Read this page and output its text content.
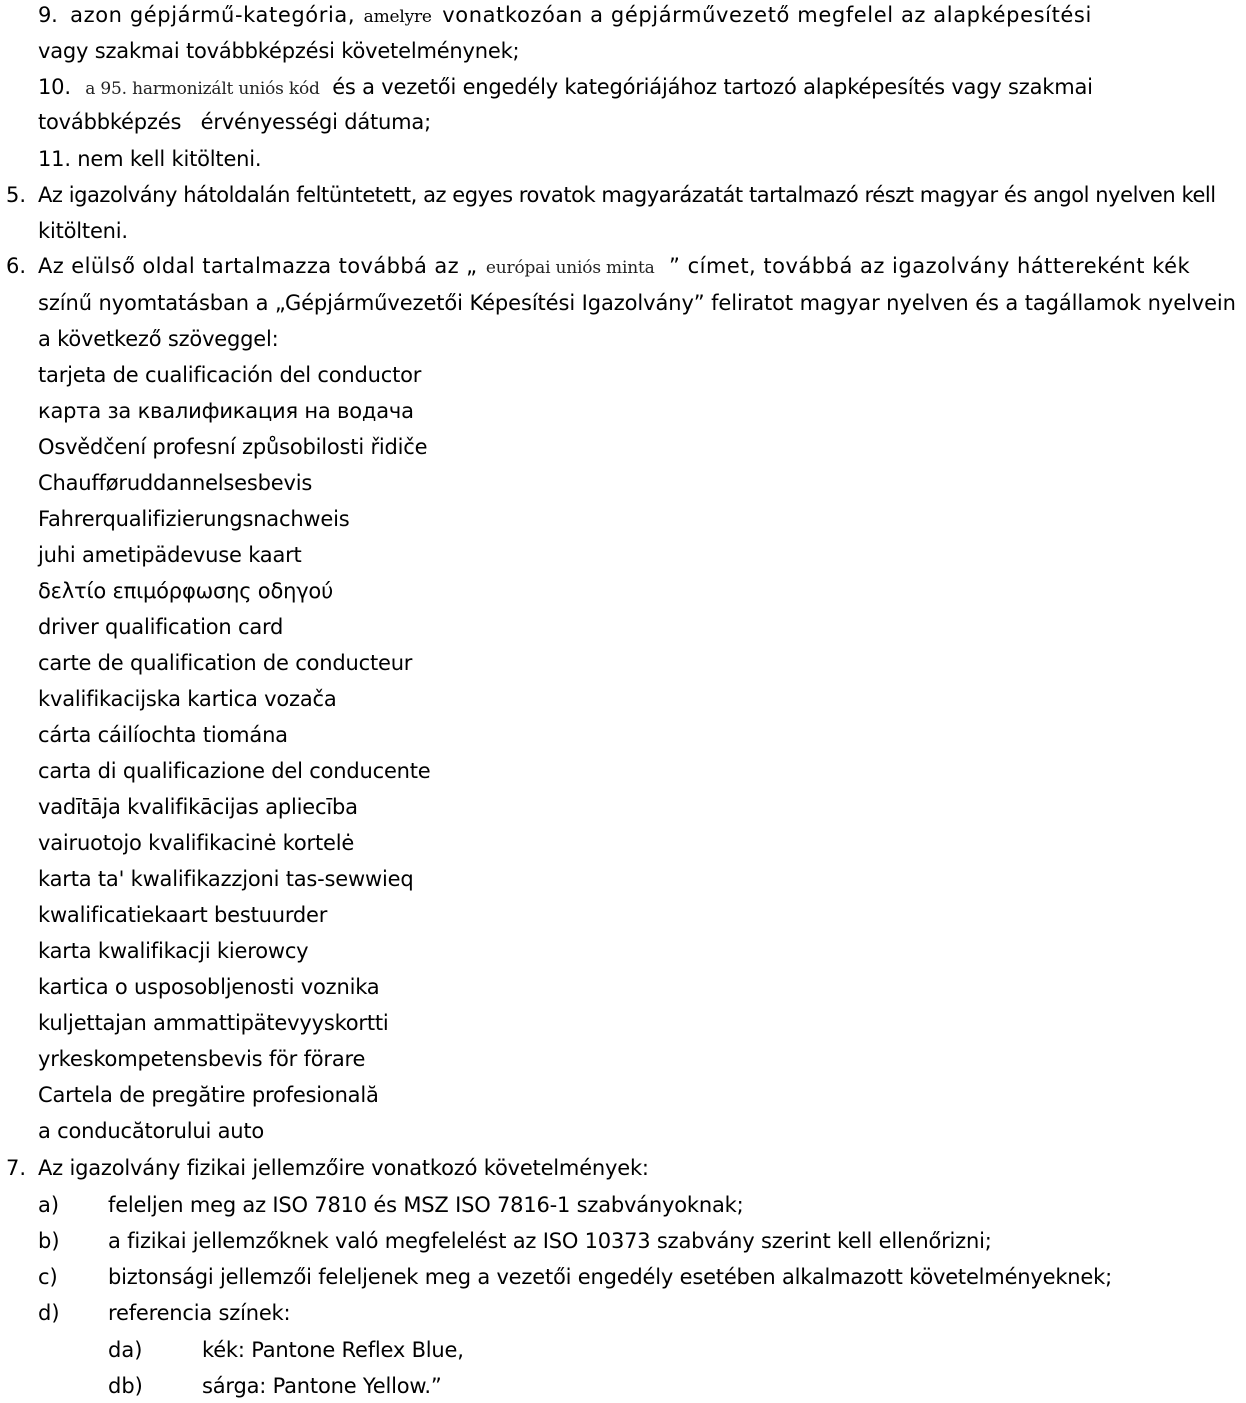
9. azon gépjármű-kategória, amelyre vonatkozóan a gépjárművezető megfelel az alapképesítési
vagy szakmai továbbképzési követelménynek;
10. a 95. harmonizált uniós kód és a vezetői engedély kategóriájához tartozó alapképesítés vagy szakmai
továbbképzés   érvényességi dátuma;
11. nem kell kitölteni.
5. Az igazolvány hátoldalán feltüntetett, az egyes rovatok magyarázatát tartalmazó részt magyar és angol nyelven kell
kitölteni.
6. Az elülső oldal tartalmazza továbbá az „ európai uniós minta ” címet, továbbá az igazolvány háttereként kék
színű nyomtatásban a „Gépjárművezetői Képesítési Igazolvány” feliratot magyar nyelven és a tagállamok nyelvein
a következő szöveggel:
tarjeta de cualificación del conductor
карта за квалификация на водача
Osvědčení profesní způsobilosti řidiče
Chaufføruddannelsesbevis
Fahrerqualifizierungsnachweis
juhi ametipädevuse kaart
δελτίο επιμόρφωσης οδηγού
driver qualification card
carte de qualification de conducteur
kvalifikacijska kartica vozača
cárta cáilíochta tiomána
carta di qualificazione del conducente
vadītāja kvalifikācijas apliecība
vairuotojo kvalifikacinė kortelė
karta ta' kwalifikazzjoni tas-sewwieq
kwalificatiekaart bestuurder
karta kwalifikacji kierowcy
kartica o usposobljenosti voznika
kuljettajan ammattipätevyyskortti
yrkeskompetensbevis för förare
Cartela de pregătire profesională
a conducătorului auto
7. Az igazolvány fizikai jellemzőire vonatkozó követelmények:
a) feleljen meg az ISO 7810 és MSZ ISO 7816-1 szabványoknak;
b) a fizikai jellemzőknek való megfelelést az ISO 10373 szabvány szerint kell ellenőrizni;
c) biztonsági jellemzői feleljenek meg a vezetői engedély esetében alkalmazott követelményeknek;
d) referencia színek:
da)	kék: Pantone Reflex Blue,
db)	sárga: Pantone Yellow.”
